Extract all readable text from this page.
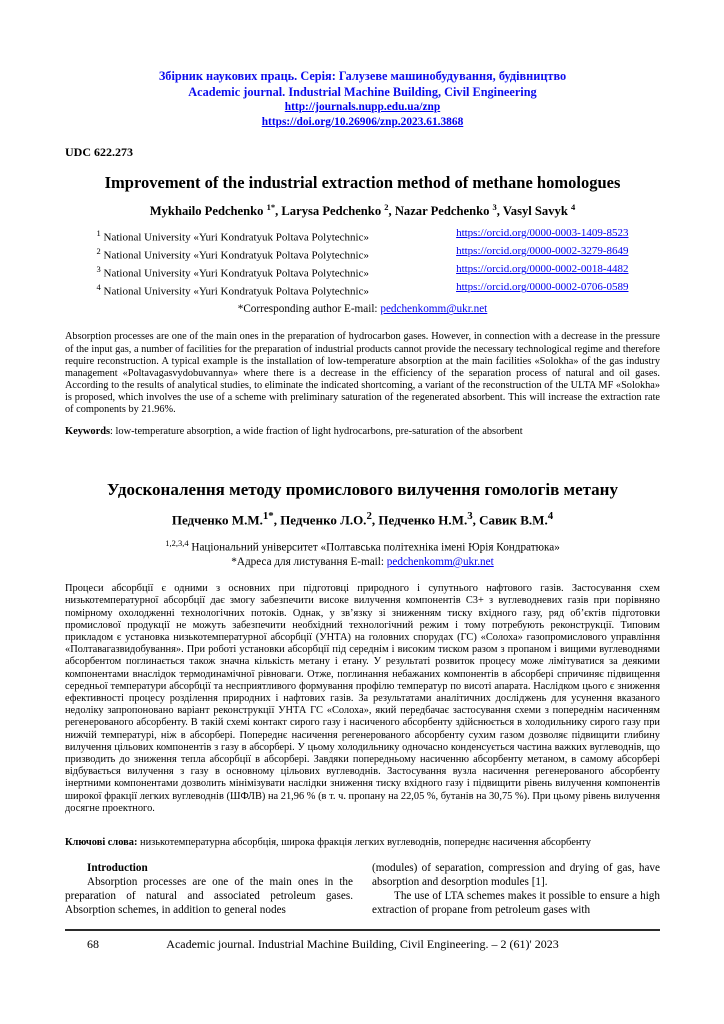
Збірник наукових праць. Серія: Галузеве машинобудування, будівництво
Academic journal. Industrial Machine Building, Civil Engineering
http://journals.nupp.edu.ua/znp
https://doi.org/10.26906/znp.2023.61.3868
UDC 622.273
Improvement of the industrial extraction method of methane homologues
Mykhailo Pedchenko $^{1*}$, Larysa Pedchenko $^2$, Nazar Pedchenko $^3$, Vasyl Savyk $^4$
$^1$ National University «Yuri Kondratyuk Poltava Polytechnic»	https://orcid.org/0000-0003-1409-8523
$^2$ National University «Yuri Kondratyuk Poltava Polytechnic»	https://orcid.org/0000-0002-3279-8649
$^3$ National University «Yuri Kondratyuk Poltava Polytechnic»	https://orcid.org/0000-0002-0018-4482
$^4$ National University «Yuri Kondratyuk Poltava Polytechnic»	https://orcid.org/0000-0002-0706-0589
*Corresponding author E-mail: pedchenkomm@ukr.net
Absorption processes are one of the main ones in the preparation of hydrocarbon gases. However, in connection with a decrease in the pressure of the input gas, a number of facilities for the preparation of industrial products cannot provide the necessary technological regime and therefore require reconstruction. A typical example is the installation of low-temperature absorption at the main facilities «Solokha» of the gas industry management «Poltavagasvydobuvannya» where there is a decrease in the efficiency of the separation process of natural and oil gases. According to the results of analytical studies, to eliminate the indicated shortcoming, a variant of the reconstruction of the ULTA MF «Solokha» is proposed, which involves the use of a scheme with preliminary saturation of the regenerated absorbent. This will increase the extraction rate of components by 21.96%.
Keywords: low-temperature absorption, a wide fraction of light hydrocarbons, pre-saturation of the absorbent
Удосконалення методу промислового вилучення гомологів метану
Педченко М.М.$^{1*}$, Педченко Л.О.$^2$, Педченко Н.М.$^3$, Савик В.М.$^4$
$^{1,2,3,4}$ Національний університет «Полтавська політехніка імені Юрія Кондратюка»
*Адреса для листування E-mail: pedchenkomm@ukr.net
Процеси абсорбції є одними з основних при підготовці природного і супутнього нафтового газів. Застосування схем низькотемпературної абсорбції дає змогу забезпечити високе вилучення компонентів С3+ з вуглеводневих газів при порівняно помірному охолодженні технологічних потоків. Однак, у зв’язку зі зниженням тиску вхідного газу, ряд об’єктів підготовки промислової продукції не можуть забезпечити необхідний технологічний режим і тому потребують реконструкції. Типовим прикладом є установка низькотемпературної абсорбції (УНТА) на головних спорудах (ГС) «Солоха» газопромислового управління «Полтавагазвидобування». При роботі установки абсорбції під середнім і високим тиском разом з пропаном і вищими вуглеводнями абсорбентом поглинається також значна кількість метану і етану. У результаті розвиток процесу може лімітуватися за деякими компонентами внаслідок термодинамічної рівноваги. Отже, поглинання небажаних компонентів в абсорбері спричиняє підвищення середньої температури абсорбції та несприятливого формування профілю температур по висоті апарата. Наслідком цього є зниження ефективності процесу розділення природних і нафтових газів. За результатами аналітичних досліджень для усунення вказаного недоліку запропоновано варіант реконструкції УНТА ГС «Солоха», який передбачає застосування схеми з попереднім насиченням регенерованого абсорбенту. В такій схемі контакт сирого газу і насиченого абсорбенту здійснюється в холодильнику сирого газу при нижчій температурі, ніж в абсорбері. Попереднє насичення регенерованого абсорбенту сухим газом дозволяє підвищити глибину вилучення цільових компонентів з газу в абсорбері. У цьому холодильнику одночасно конденсується частина важких вуглеводнів, що призводить до зниження тепла абсорбції в абсорбері. Завдяки попередньому насиченню абсорбенту метаном, в самому абсорбері відбувається вилучення з газу в основному цільових вуглеводнів. Застосування вузла насичення регенерованого абсорбенту інертними компонентами дозволить мінімізувати наслідки зниження тиску вхідного газу і підвищити рівень вилучення компонентів широкої фракції легких вуглеводнів (ШФЛВ) на 21,96 % (в т. ч. пропану на 22,05 %, бутанів на 30,75 %). При цьому рівень вилучення досягне проектного.
Ключові слова: низькотемпературна абсорбція, широка фракція легких вуглеводнів, попереднє насичення абсорбенту
Introduction

Absorption processes are one of the main ones in the preparation of natural and associated petroleum gases. Absorption schemes, in addition to general nodes

(modules) of separation, compression and drying of gas, have absorption and desorption modules [1].

The use of LTA schemes makes it possible to ensure a high extraction of propane from petroleum gases with

68	Academic journal. Industrial Machine Building, Civil Engineering. – 2 (61)' 2023
